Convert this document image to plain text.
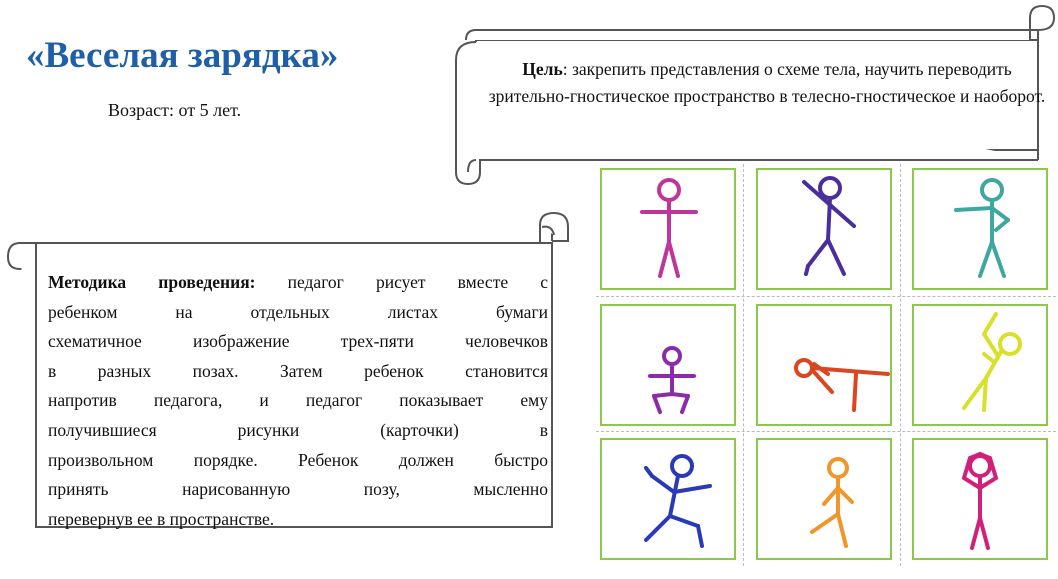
«Веселая зарядка»
Возраст: от 5 лет.
Цель: закрепить представления о схеме тела, научить переводить зрительно-гностическое пространство в телесно-гностическое и наоборот.
Методика проведения: педагог рисует вместе с
ребенком на отдельных листах бумаги
схематичное изображение трех-пяти человечков
в разных позах. Затем ребенок становится
напротив педагога, и педагог показывает ему
получившиеся рисунки (карточки) в
произвольном порядке. Ребенок должен быстро
принять нарисованную позу, мысленно
перевернув ее в пространстве.
